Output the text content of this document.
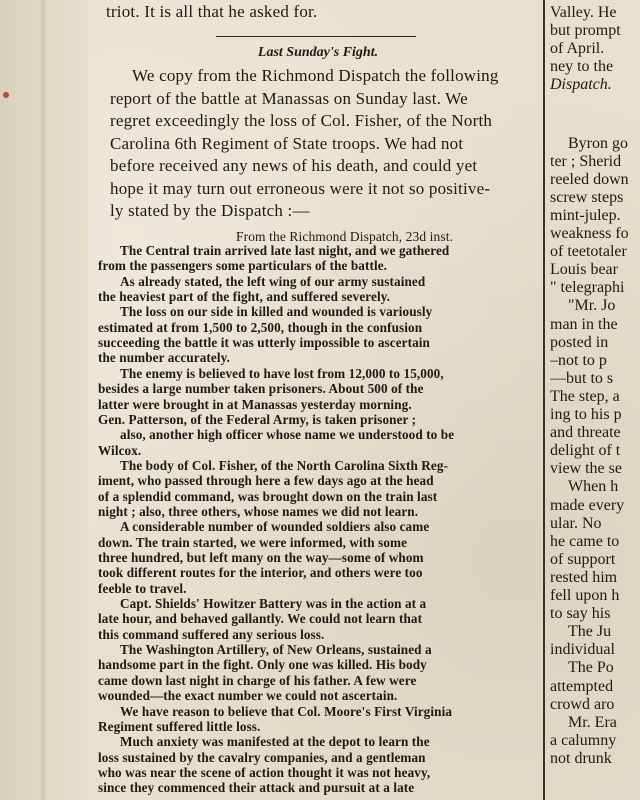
triot. It is all that he asked for.
Last Sunday's Fight.
We copy from the Richmond Dispatch the following
report of the battle at Manassas on Sunday last. We
regret exceedingly the loss of Col. Fisher, of the North
Carolina 6th Regiment of State troops. We had not
before received any news of his death, and could yet
hope it may turn out erroneous were it not so positive-
ly stated by the Dispatch :—
From the Richmond Dispatch, 23d inst.
The Central train arrived late last night, and we gathered
from the passengers some particulars of the battle.
As already stated, the left wing of our army sustained
the heaviest part of the fight, and suffered severely.
The loss on our side in killed and wounded is variously
estimated at from 1,500 to 2,500, though in the confusion
succeeding the battle it was utterly impossible to ascertain
the number accurately.
The enemy is believed to have lost from 12,000 to 15,000,
besides a large number taken prisoners. About 500 of the
latter were brought in at Manassas yesterday morning.
Gen. Patterson, of the Federal Army, is taken prisoner ;
also, another high officer whose name we understood to be
Wilcox.
The body of Col. Fisher, of the North Carolina Sixth Reg-
iment, who passed through here a few days ago at the head
of a splendid command, was brought down on the train last
night ; also, three others, whose names we did not learn.
A considerable number of wounded soldiers also came
down. The train started, we were informed, with some
three hundred, but left many on the way—some of whom
took different routes for the interior, and others were too
feeble to travel.
Capt. Shields' Howitzer Battery was in the action at a
late hour, and behaved gallantly. We could not learn that
this command suffered any serious loss.
The Washington Artillery, of New Orleans, sustained a
handsome part in the fight. Only one was killed. His body
came down last night in charge of his father. A few were
wounded—the exact number we could not ascertain.
We have reason to believe that Col. Moore's First Virginia
Regiment suffered little loss.
Much anxiety was manifested at the depot to learn the
loss sustained by the cavalry companies, and a gentleman
who was near the scene of action thought it was not heavy,
since they commenced their attack and pursuit at a late
Valley. He
but prompt
of April.
ney to the
Dispatch.
Byron go
ter ; Sherid
reeled down
screw steps
mint-julep.
weakness fo
of teetotaler
Louis bear
" telegraphi
"Mr. Jo
man in the
posted in
–not to p
—but to s
The step, a
ing to his p
and threate
delight of t
view the se
When h
made every
ular. No
he came to
of support
rested him
fell upon h
to say his
The Ju
individual
The Po
attempted
crowd aro
Mr. Era
a calumny
not drunk
